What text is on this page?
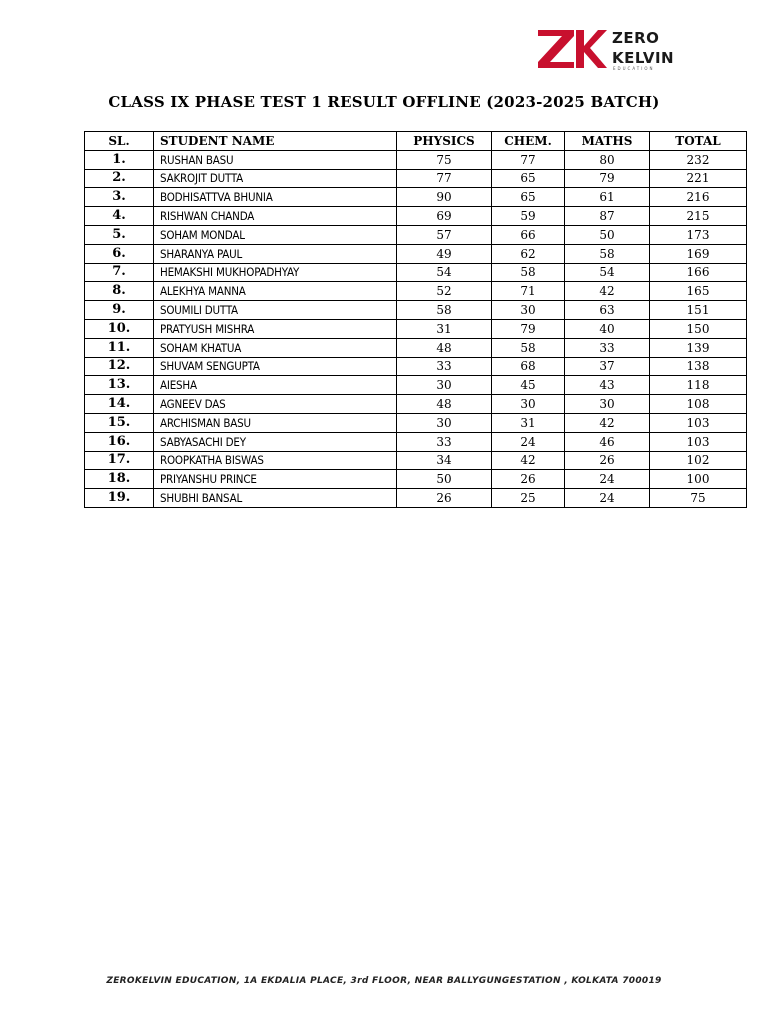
ZERO
KELVIN
EDUCATION
CLASS IX PHASE TEST 1 RESULT OFFLINE (2023-2025 BATCH)
SL.	STUDENT NAME	PHYSICS	CHEM.	MATHS	TOTAL
1.	RUSHAN BASU	75	77	80	232
2.	SAKROJIT DUTTA	77	65	79	221
3.	BODHISATTVA BHUNIA	90	65	61	216
4.	RISHWAN CHANDA	69	59	87	215
5.	SOHAM MONDAL	57	66	50	173
6.	SHARANYA PAUL	49	62	58	169
7.	HEMAKSHI MUKHOPADHYAY	54	58	54	166
8.	ALEKHYA MANNA	52	71	42	165
9.	SOUMILI DUTTA	58	30	63	151
10.	PRATYUSH MISHRA	31	79	40	150
11.	SOHAM KHATUA	48	58	33	139
12.	SHUVAM SENGUPTA	33	68	37	138
13.	AIESHA	30	45	43	118
14.	AGNEEV DAS	48	30	30	108
15.	ARCHISMAN BASU	30	31	42	103
16.	SABYASACHI DEY	33	24	46	103
17.	ROOPKATHA BISWAS	34	42	26	102
18.	PRIYANSHU PRINCE	50	26	24	100
19.	SHUBHI BANSAL	26	25	24	75
ZEROKELVIN EDUCATION, 1A EKDALIA PLACE, 3rd FLOOR, NEAR BALLYGUNGESTATION , KOLKATA 700019
